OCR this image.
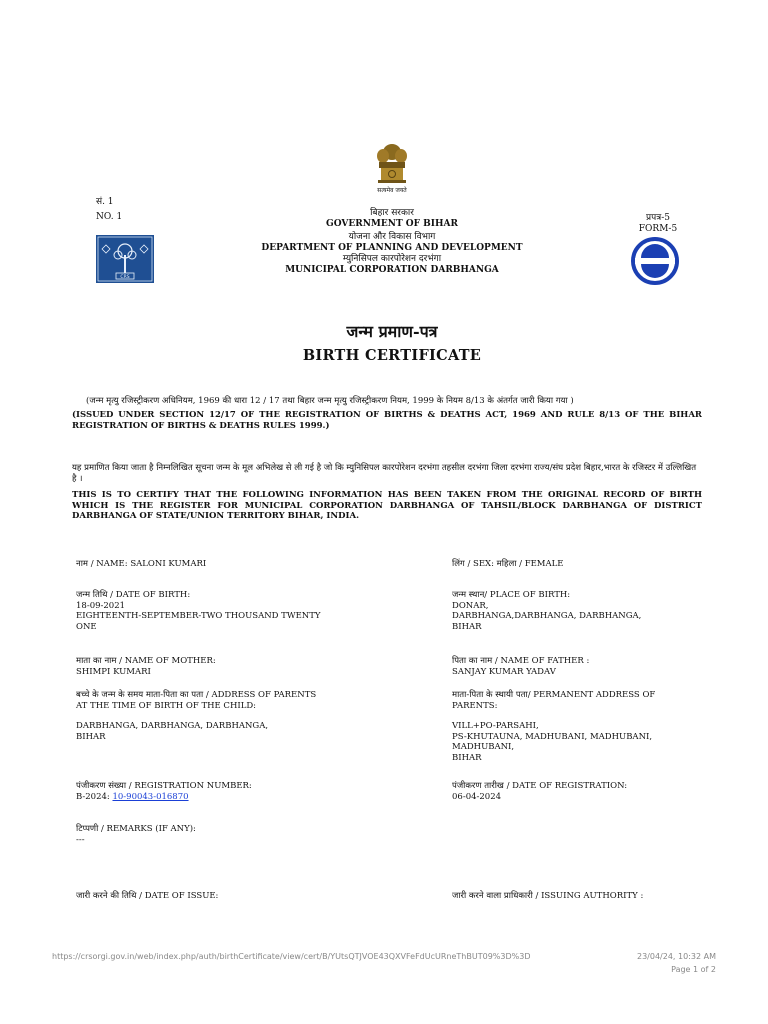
सत्यमेव जयते
सं. 1
NO. 1	बिहार सरकार
GOVERNMENT OF BIHAR
योजना और विकास विभाग
DEPARTMENT OF PLANNING AND DEVELOPMENT
म्युनिसिपल कारपोरेशन दरभंगा
MUNICIPAL CORPORATION DARBHANGA
प्रपत्र-5
FORM-5
CRS
जन्म प्रमाण-पत्र
BIRTH CERTIFICATE
(जन्म मृत्यु रजिस्ट्रीकरण अधिनियम, 1969 की धारा 12 / 17 तथा बिहार जन्म मृत्यु रजिस्ट्रीकरण नियम, 1999 के नियम 8/13 के अंतर्गत जारी किया गया )
(ISSUED UNDER SECTION 12/17 OF THE REGISTRATION OF BIRTHS & DEATHS ACT, 1969 AND RULE 8/13 OF THE BIHAR REGISTRATION OF BIRTHS & DEATHS RULES 1999.)
यह प्रमाणित किया जाता है निम्नलिखित सूचना जन्म के मूल अभिलेख से ली गई है जो कि म्युनिसिपल कारपोरेशन दरभंगा तहसील दरभंगा जिला दरभंगा राज्य/संघ प्रदेश बिहार,भारत के रजिस्टर में उल्लिखित है ।
THIS IS TO CERTIFY THAT THE FOLLOWING INFORMATION HAS BEEN TAKEN FROM THE ORIGINAL RECORD OF BIRTH WHICH IS THE REGISTER FOR MUNICIPAL CORPORATION DARBHANGA OF TAHSIL/BLOCK DARBHANGA OF DISTRICT DARBHANGA OF STATE/UNION TERRITORY BIHAR, INDIA.
नाम / NAME: SALONI KUMARI	लिंग / SEX: महिला / FEMALE
जन्म तिथि / DATE OF BIRTH:
18-09-2021
EIGHTEENTH-SEPTEMBER-TWO THOUSAND TWENTY ONE
जन्म स्थान/ PLACE OF BIRTH:
DONAR,
DARBHANGA,DARBHANGA, DARBHANGA,
BIHAR
माता का नाम / NAME OF MOTHER:
SHIMPI KUMARI
पिता का नाम / NAME OF FATHER :
SANJAY KUMAR YADAV
बच्चे के जन्म के समय माता-पिता का पता / ADDRESS OF PARENTS AT THE TIME OF BIRTH OF THE CHILD:
DARBHANGA, DARBHANGA, DARBHANGA,
BIHAR
माता-पिता के स्थायी पता/ PERMANENT ADDRESS OF PARENTS:
VILL+PO-PARSAHI,
PS-KHUTAUNA, MADHUBANI, MADHUBANI,
MADHUBANI,
BIHAR
पंजीकरण संख्या / REGISTRATION NUMBER:
B-2024: 10-90043-016870
पंजीकरण तारीख / DATE OF REGISTRATION:
06-04-2024
टिप्पणी / REMARKS (IF ANY):
---
जारी करने की तिथि / DATE OF ISSUE:	जारी करने वाला प्राधिकारी / ISSUING AUTHORITY :
https://crsorgi.gov.in/web/index.php/auth/birthCertificate/view/cert/B/YUtsQTJVOE43QXVFeFdUcURneThBUT09%3D%3D	23/04/24, 10:32 AM
Page 1 of 2
